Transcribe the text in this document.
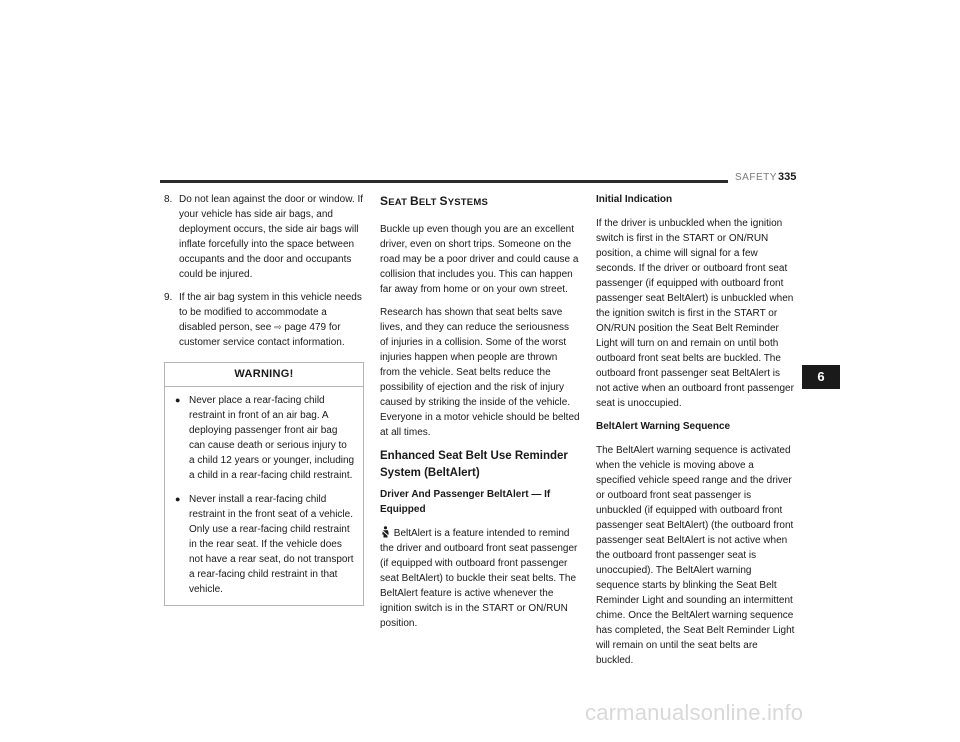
SAFETY 335
8. Do not lean against the door or window. If your vehicle has side air bags, and deployment occurs, the side air bags will inflate forcefully into the space between occupants and the door and occupants could be injured.
9. If the air bag system in this vehicle needs to be modified to accommodate a disabled person, see ⇨ page 479 for customer service contact information.
WARNING!
● Never place a rear-facing child restraint in front of an air bag. A deploying passenger front air bag can cause death or serious injury to a child 12 years or younger, including a child in a rear-facing child restraint.
● Never install a rear-facing child restraint in the front seat of a vehicle. Only use a rear-facing child restraint in the rear seat. If the vehicle does not have a rear seat, do not transport a rear-facing child restraint in that vehicle.
SEAT BELT SYSTEMS

Buckle up even though you are an excellent driver, even on short trips. Someone on the road may be a poor driver and could cause a collision that includes you. This can happen far away from home or on your own street.

Research has shown that seat belts save lives, and they can reduce the seriousness of injuries in a collision. Some of the worst injuries happen when people are thrown from the vehicle. Seat belts reduce the possibility of ejection and the risk of injury caused by striking the inside of the vehicle. Everyone in a motor vehicle should be belted at all times.

Enhanced Seat Belt Use Reminder System (BeltAlert)
Driver And Passenger BeltAlert — If Equipped

BeltAlert is a feature intended to remind the driver and outboard front seat passenger (if equipped with outboard front passenger seat BeltAlert) to buckle their seat belts. The BeltAlert feature is active whenever the ignition switch is in the START or ON/RUN position.

Initial Indication

If the driver is unbuckled when the ignition switch is first in the START or ON/RUN position, a chime will signal for a few seconds. If the driver or outboard front seat passenger (if equipped with outboard front passenger seat BeltAlert) is unbuckled when the ignition switch is first in the START or ON/RUN position the Seat Belt Reminder Light will turn on and remain on until both outboard front seat belts are buckled. The outboard front passenger seat BeltAlert is not active when an outboard front passenger seat is unoccupied.

BeltAlert Warning Sequence

The BeltAlert warning sequence is activated when the vehicle is moving above a specified vehicle speed range and the driver or outboard front seat passenger is unbuckled (if equipped with outboard front passenger seat BeltAlert) (the outboard front passenger seat BeltAlert is not active when the outboard front passenger seat is unoccupied). The BeltAlert warning sequence starts by blinking the Seat Belt Reminder Light and sounding an intermittent chime. Once the BeltAlert warning sequence has completed, the Seat Belt Reminder Light will remain on until the seat belts are buckled.

6
carmanualsonline.info
